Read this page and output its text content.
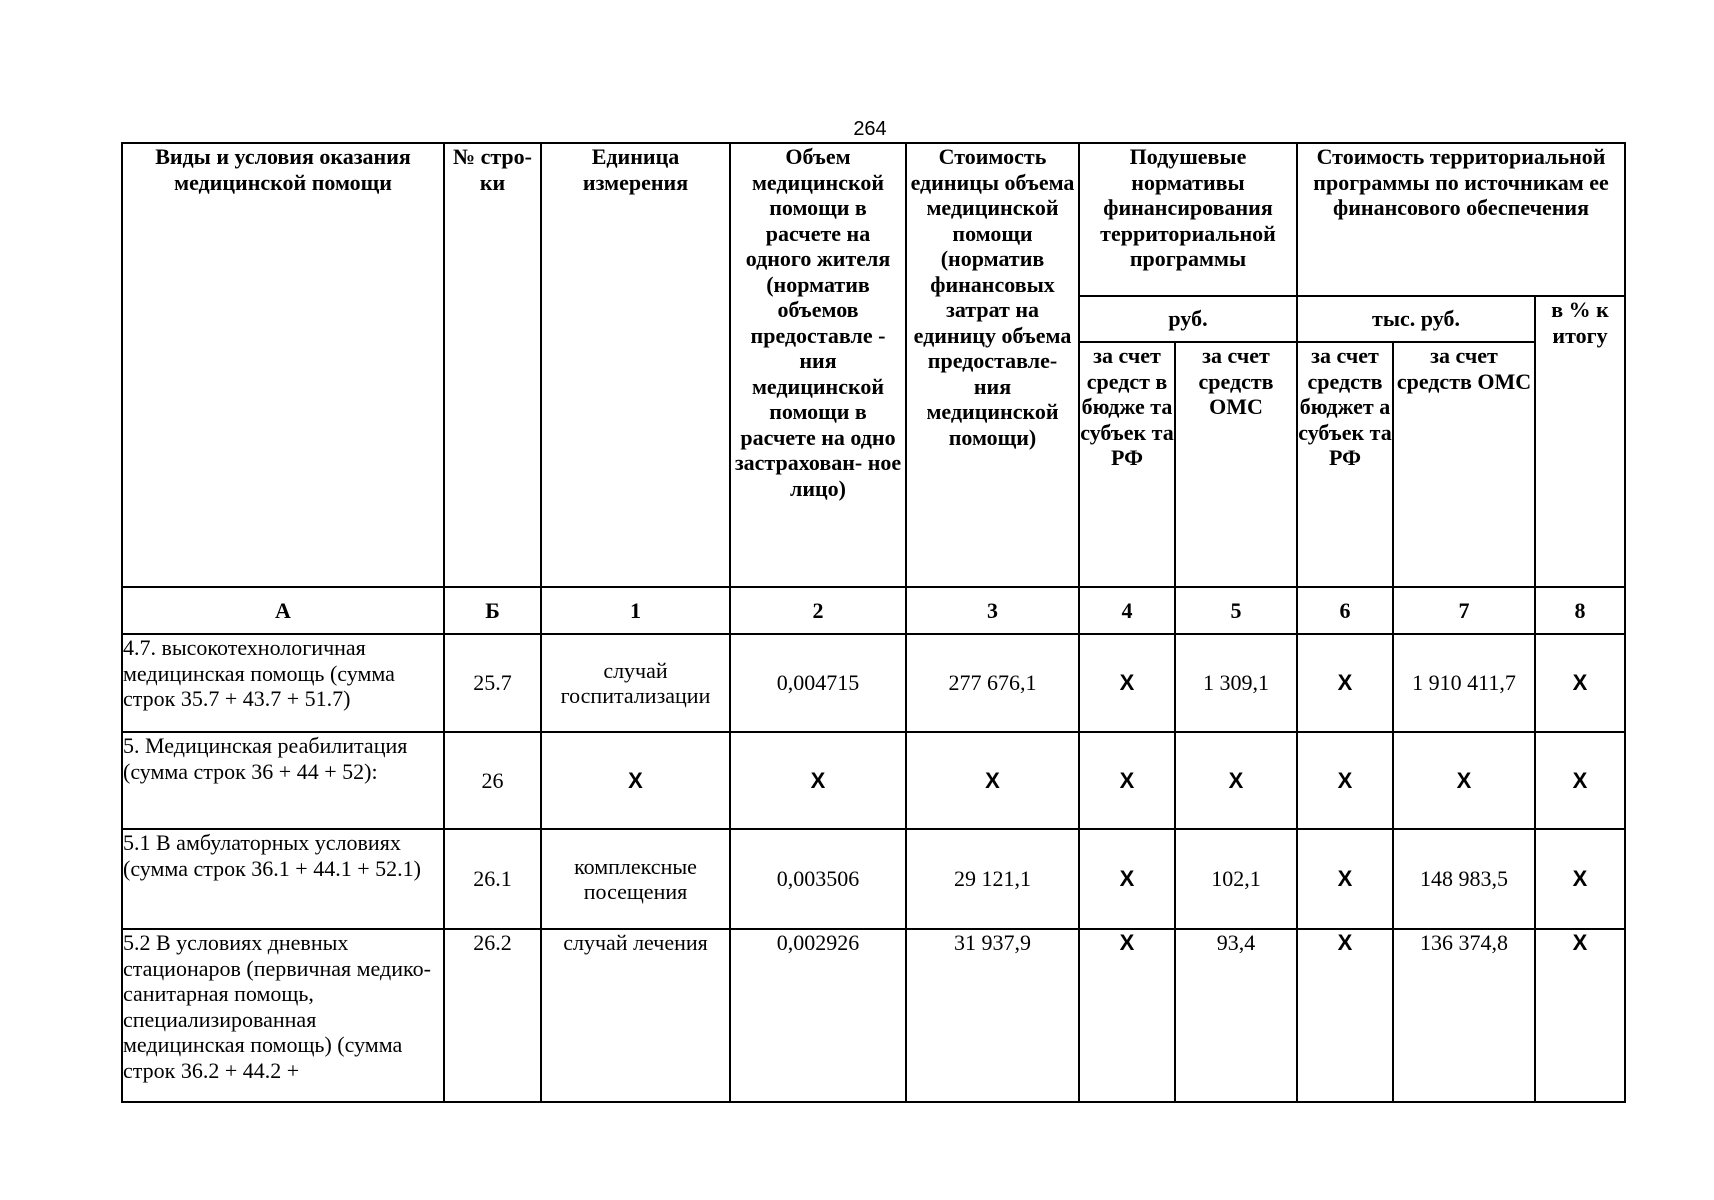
264
Виды и условия оказания медицинской помощи	№ стро-ки	Единица измерения	Объем медицинской помощи в расчете на одного жителя (норматив объемов предоставле - ния медицинской помощи в расчете на одно застрахован- ное лицо)	Стоимость единицы объема медицинской помощи (норматив финансовых затрат на единицу объема предоставле- ния медицинской помощи)	Подушевые нормативы финансирования территориальной программы		Стоимость территориальной программы по источникам ее финансового обеспечения		
					руб.		тыс. руб.		в % к итогу
					за счет средст в бюдже та субъек та РФ	за счет средств ОМС	за счет средств бюджет а субъек та РФ	за счет средств ОМС	
А	Б	1	2	3	4	5	6	7	8
4.7. высокотехнологичная медицинская помощь (сумма строк 35.7 + 43.7 + 51.7)	25.7	случай госпитализации	0,004715	277 676,1	X	1 309,1	X	1 910 411,7	X
5. Медицинская реабилитация (сумма строк 36 + 44 + 52):	26	X	X	X	X	X	X	X	X
5.1 В амбулаторных условиях (сумма строк 36.1 + 44.1 + 52.1)	26.1	комплексные посещения	0,003506	29 121,1	X	102,1	X	148 983,5	X
5.2 В условиях дневных стационаров (первичная медико-санитарная помощь, специализированная медицинская помощь) (сумма строк 36.2 + 44.2 +	26.2	случай лечения	0,002926	31 937,9	X	93,4	X	136 374,8	X
